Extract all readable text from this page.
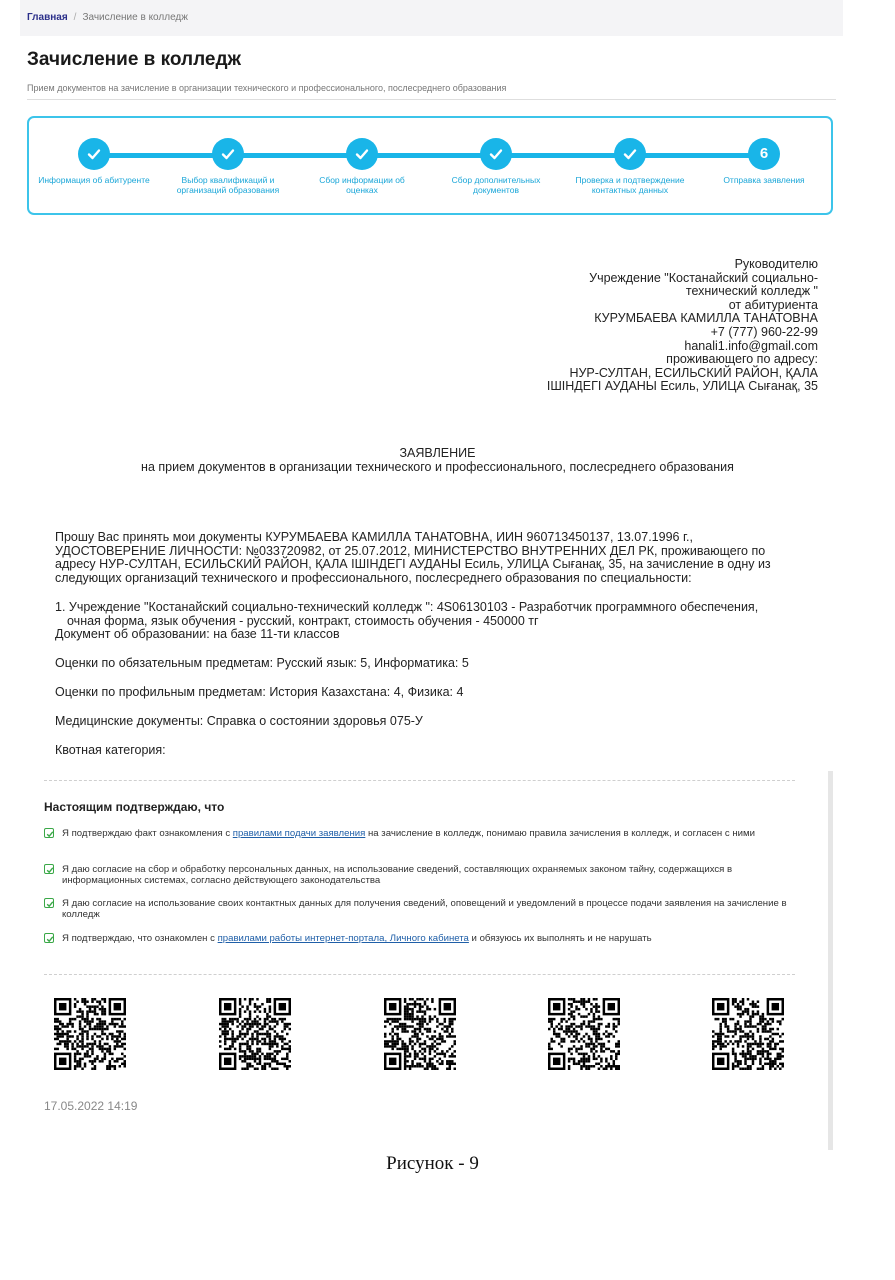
Главная / Зачисление в колледж
Зачисление в колледж
Прием документов на зачисление в организации технического и профессионального, послесреднего образования
Информация об абитуренте	Выбор квалификаций и
организаций образования
Сбор информации об
оценках
Сбор дополнительных
документов
Проверка и подтверждение
контактных данных
6
Отправка заявления
Руководителю
Учреждение "Костанайский социально-
технический колледж "
от абитуриента
КУРУМБАЕВА КАМИЛЛА ТАНАТОВНА
+7 (777) 960-22-99
hanali1.info@gmail.com
проживающего по адресу:
НУР-СУЛТАН, ЕСИЛЬСКИЙ РАЙОН, ҚАЛА
ІШІНДЕГІ АУДАНЫ Есиль, УЛИЦА Сығанақ, 35
ЗАЯВЛЕНИЕ
на прием документов в организации технического и профессионального, послесреднего образования
Прошу Вас принять мои документы КУРУМБАЕВА КАМИЛЛА ТАНАТОВНА, ИИН 960713450137, 13.07.1996 г.,
УДОСТОВЕРЕНИЕ ЛИЧНОСТИ: №033720982, от 25.07.2012, МИНИСТЕРСТВО ВНУТРЕННИХ ДЕЛ РК, проживающего по
адресу НУР-СУЛТАН, ЕСИЛЬСКИЙ РАЙОН, ҚАЛА ІШІНДЕГІ АУДАНЫ Есиль, УЛИЦА Сығанақ, 35, на зачисление в одну из
следующих организаций технического и профессионального, послесреднего образования по специальности:
1. Учреждение "Костанайский социально-технический колледж ": 4S06130103 - Разработчик программного обеспечения,
очная форма, язык обучения - русский, контракт, стоимость обучения - 450000 тг
Документ об образовании: на базе 11-ти классов
Оценки по обязательным предметам: Русский язык: 5, Информатика: 5
Оценки по профильным предметам: История Казахстана: 4, Физика: 4
Медицинские документы: Справка о состоянии здоровья 075-У
Квотная категория:
Настоящим подтверждаю, что
Я подтверждаю факт ознакомления с правилами подачи заявления на зачисление в колледж, понимаю правила зачисления в колледж, и согласен с ними
Я даю согласие на сбор и обработку персональных данных, на использование сведений, составляющих охраняемых законом тайну, содержащихся в информационных системах, согласно действующего законодательства
Я даю согласие на использование своих контактных данных для получения сведений, оповещений и уведомлений в процессе подачи заявления на зачисление в колледж
Я подтверждаю, что ознакомлен с правилами работы интернет-портала, Личного кабинета и обязуюсь их выполнять и не нарушать
17.05.2022 14:19
Рисунок - 9
